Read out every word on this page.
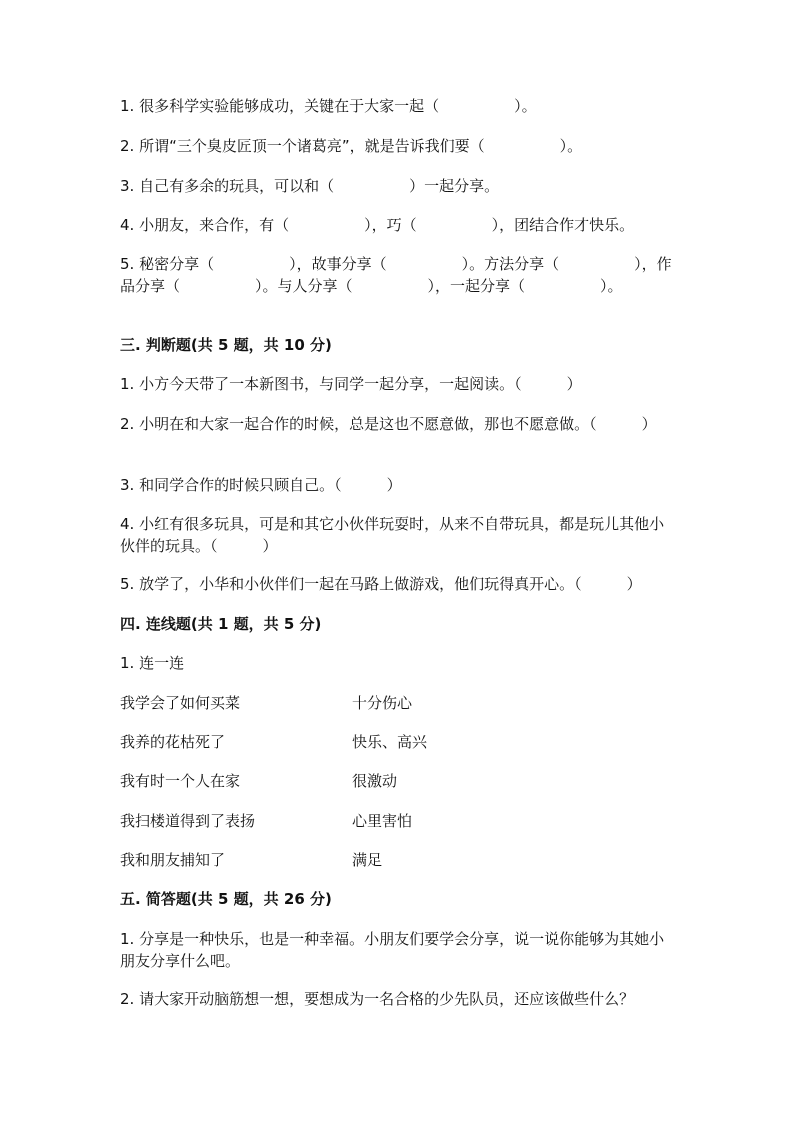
1. 很多科学实验能够成功，关键在于大家一起（　　　　　）。
2. 所谓“三个臭皮匠顶一个诸葛亮”，就是告诉我们要（　　　　　）。
3. 自己有多余的玩具，可以和（　　　　　）一起分享。
4. 小朋友，来合作，有（　　　　　），巧（　　　　　），团结合作才快乐。
5. 秘密分享（　　　　　），故事分享（　　　　　）。方法分享（　　　　　），作品分享（　　　　　）。与人分享（　　　　　），一起分享（　　　　　）。
三. 判断题(共 5 题，共 10 分)
1. 小方今天带了一本新图书，与同学一起分享，一起阅读。（　　　）
2. 小明在和大家一起合作的时候，总是这也不愿意做，那也不愿意做。（　　　）
3. 和同学合作的时候只顾自己。（　　　）
4. 小红有很多玩具，可是和其它小伙伴玩耍时，从来不自带玩具，都是玩儿其他小伙伴的玩具。（　　　）
5. 放学了，小华和小伙伴们一起在马路上做游戏，他们玩得真开心。（　　　）
四. 连线题(共 1 题，共 5 分)
1. 连一连
我学会了如何买菜	十分伤心
我养的花枯死了	快乐、高兴
我有时一个人在家	很激动
我扫楼道得到了表扬	心里害怕
我和朋友捕知了	满足
五. 简答题(共 5 题，共 26 分)
1. 分享是一种快乐，也是一种幸福。小朋友们要学会分享，说一说你能够为其她小朋友分享什么吧。
2. 请大家开动脑筋想一想，要想成为一名合格的少先队员，还应该做些什么？
